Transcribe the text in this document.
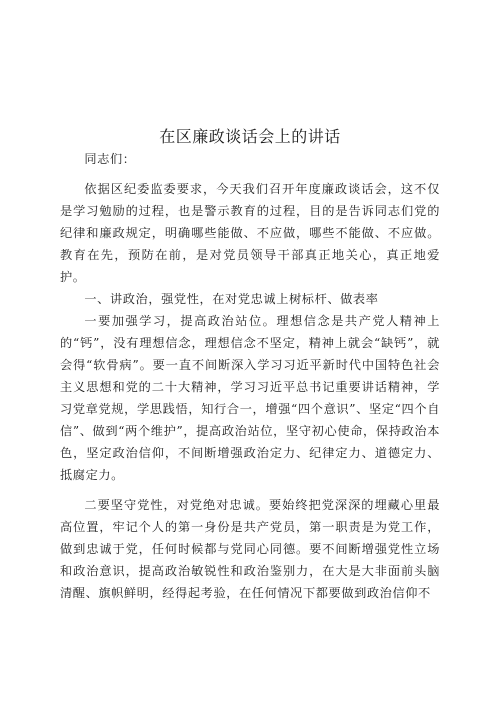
在区廉政谈话会上的讲话

同志们：

依据区纪委监委要求，今天我们召开年度廉政谈话会，这不仅是学习勉励的过程，也是警示教育的过程，目的是告诉同志们党的纪律和廉政规定，明确哪些能做、不应做，哪些不能做、不应做。教育在先，预防在前，是对党员领导干部真正地关心，真正地爱护。

一、讲政治，强党性，在对党忠诚上树标杆、做表率

一要加强学习，提高政治站位。理想信念是共产党人精神上的“钙”，没有理想信念，理想信念不坚定，精神上就会“缺钙”，就会得“软骨病”。要一直不间断深入学习习近平新时代中国特色社会主义思想和党的二十大精神，学习习近平总书记重要讲话精神，学习党章党规，学思践悟，知行合一，增强“四个意识”、坚定“四个自信”、做到“两个维护”，提高政治站位，坚守初心使命，保持政治本色，坚定政治信仰，不间断增强政治定力、纪律定力、道德定力、抵腐定力。

二要坚守党性，对党绝对忠诚。要始终把党深深的埋藏心里最高位置，牢记个人的第一身份是共产党员，第一职责是为党工作，做到忠诚于党，任何时候都与党同心同德。要不间断增强党性立场和政治意识，提高政治敏锐性和政治鉴别力，在大是大非面前头脑清醒、旗帜鲜明，经得起考验，在任何情况下都要做到政治信仰不
